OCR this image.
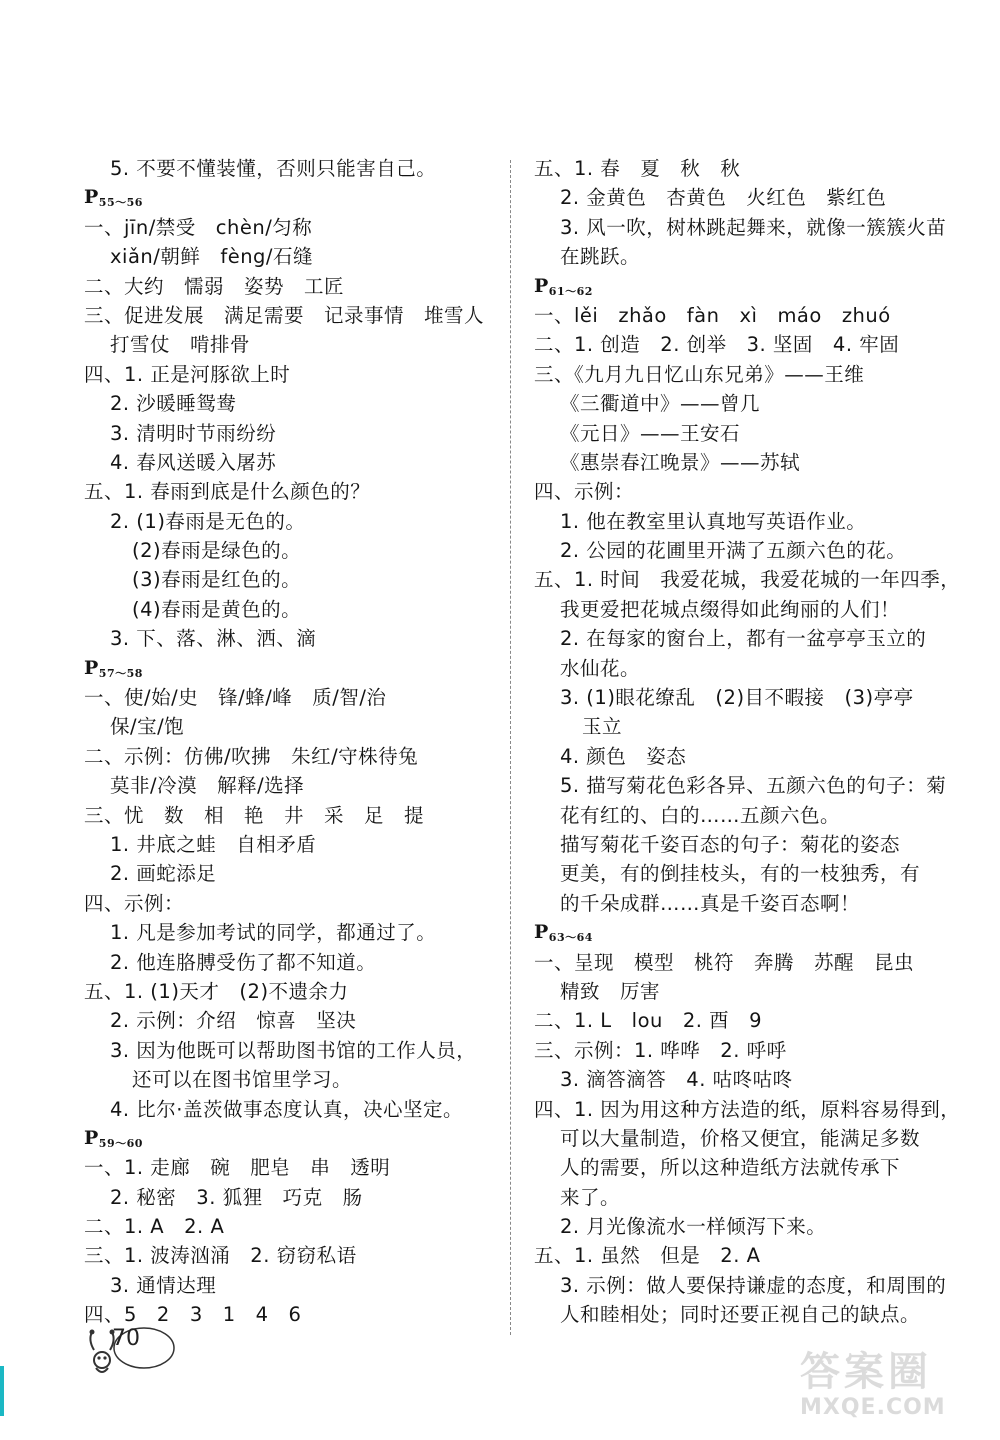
5. 不要不懂装懂，否则只能害自己。
$P_{55\sim 56}$
一、jīn/禁受　chèn/匀称
xiǎn/朝鲜　fèng/石缝
二、大约　懦弱　姿势　工匠
三、促进发展　满足需要　记录事情　堆雪人
打雪仗　啃排骨
四、1. 正是河豚欲上时
2. 沙暖睡鸳鸯
3. 清明时节雨纷纷
4. 春风送暖入屠苏
五、1. 春雨到底是什么颜色的？
2. (1)春雨是无色的。
(2)春雨是绿色的。
(3)春雨是红色的。
(4)春雨是黄色的。
3. 下、落、淋、洒、滴
$P_{57\sim 58}$
一、使/始/史　锋/蜂/峰　质/智/治
保/宝/饱
二、示例：仿佛/吹拂　朱红/守株待兔
莫非/冷漠　解释/选择
三、忧　数　相　艳　井　采　足　提
1. 井底之蛙　自相矛盾
2. 画蛇添足
四、示例：
1. 凡是参加考试的同学，都通过了。
2. 他连胳膊受伤了都不知道。
五、1. (1)天才　(2)不遗余力
2. 示例：介绍　惊喜　坚决
3. 因为他既可以帮助图书馆的工作人员，
还可以在图书馆里学习。
4. 比尔·盖茨做事态度认真，决心坚定。
$P_{59\sim 60}$
一、1. 走廊　碗　肥皂　串　透明
2. 秘密　3. 狐狸　巧克　肠
二、1. A　2. A
三、1. 波涛汹涌　2. 窃窃私语
3. 通情达理
四、5　2　3　1　4　6
五、1. 春　夏　秋　秋
2. 金黄色　杏黄色　火红色　紫红色
3. 风一吹，树林跳起舞来，就像一簇簇火苗
在跳跃。
$P_{61\sim 62}$
一、lěi　zhǎo　fàn　xì　máo　zhuó
二、1. 创造　2. 创举　3. 坚固　4. 牢固
三、《九月九日忆山东兄弟》——王维
《三衢道中》——曾几
《元日》——王安石
《惠崇春江晚景》——苏轼
四、示例：
1. 他在教室里认真地写英语作业。
2. 公园的花圃里开满了五颜六色的花。
五、1. 时间　我爱花城，我爱花城的一年四季，
我更爱把花城点缀得如此绚丽的人们！
2. 在每家的窗台上，都有一盆亭亭玉立的
水仙花。
3. (1)眼花缭乱　(2)目不暇接　(3)亭亭
玉立
4. 颜色　姿态
5. 描写菊花色彩各异、五颜六色的句子：菊
花有红的、白的……五颜六色。
描写菊花千姿百态的句子：菊花的姿态
更美，有的倒挂枝头，有的一枝独秀，有
的千朵成群……真是千姿百态啊！
$P_{63\sim 64}$
一、呈现　模型　桃符　奔腾　苏醒　昆虫
精致　厉害
二、1. L　lou　2. 酉　9
三、示例：1. 哗哗　2. 呼呼
3. 滴答滴答　4. 咕咚咕咚
四、1. 因为用这种方法造的纸，原料容易得到，
可以大量制造，价格又便宜，能满足多数
人的需要，所以这种造纸方法就传承下
来了。
2. 月光像流水一样倾泻下来。
五、1. 虽然　但是　2. A
3. 示例：做人要保持谦虚的态度，和周围的
人和睦相处；同时还要正视自己的缺点。
70
答案圈
MXQE.COM
